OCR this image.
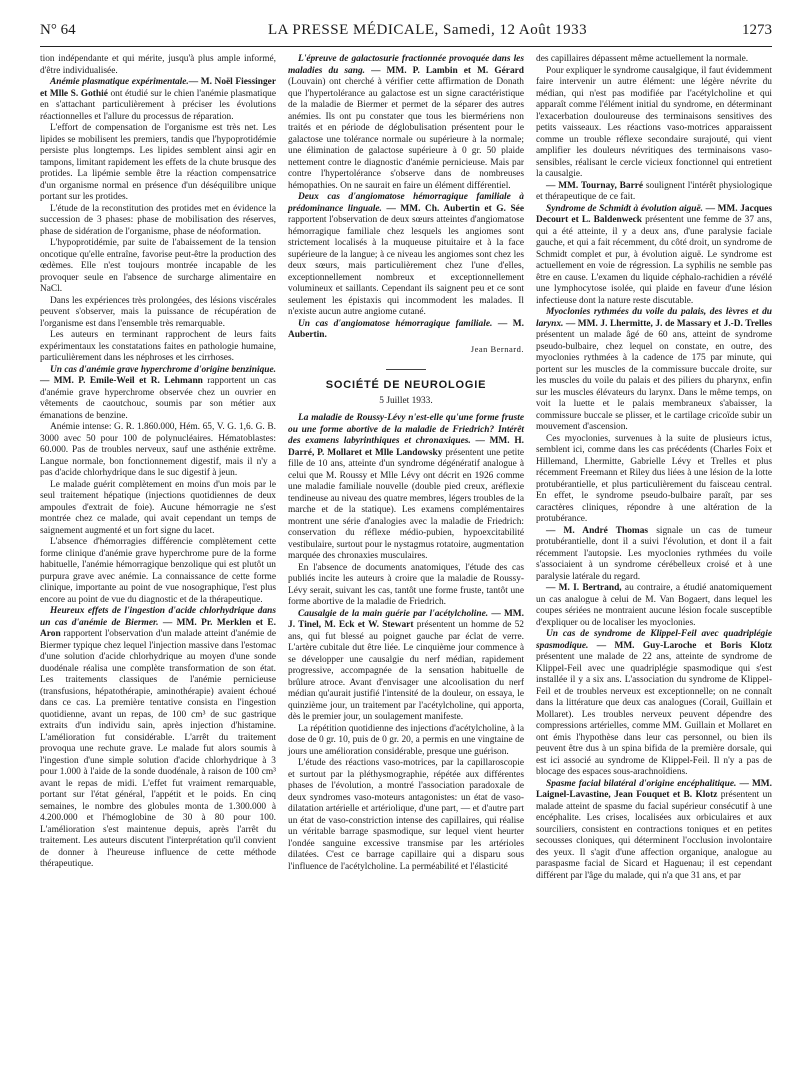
N° 64	LA PRESSE MÉDICALE, Samedi, 12 Août 1933	1273

tion indépendante et qui mérite, jusqu'à plus ample informé, d'être individualisée.

Anémie plasmatique expérimentale.— M. Noël Fiessinger et Mlle S. Gothié ont étudié sur le chien l'anémie plasmatique en s'attachant particulièrement à préciser les évolutions réactionnelles et l'allure du processus de réparation.

L'effort de compensation de l'organisme est très net. Les lipides se mobilisent les premiers, tandis que l'hypoprotidémie persiste plus longtemps. Les lipides semblent ainsi agir en tampons, limitant rapidement les effets de la chute brusque des protides. La lipémie semble être la réaction compensatrice d'un organisme normal en présence d'un déséquilibre unique portant sur les protides.

L'étude de la reconstitution des protides met en évidence la succession de 3 phases: phase de mobilisation des réserves, phase de sidération de l'organisme, phase de néoformation.

L'hypoprotidémie, par suite de l'abaissement de la tension oncotique qu'elle entraîne, favorise peut-être la production des œdèmes. Elle n'est toujours montrée incapable de les provoquer seule en l'absence de surcharge alimentaire en NaCl.

Dans les expériences très prolongées, des lésions viscérales peuvent s'observer, mais la puissance de récupération de l'organisme est dans l'ensemble très remarquable.

Les auteurs en terminant rapprochent de leurs faits expérimentaux les constatations faites en pathologie humaine, particulièrement dans les néphroses et les cirrhoses.

Un cas d'anémie grave hyperchrome d'origine benzinique. — MM. P. Emile-Weil et R. Lehmann rapportent un cas d'anémie grave hyperchrome observée chez un ouvrier en vêtements de caoutchouc, soumis par son métier aux émanations de benzine.

Anémie intense: G. R. 1.860.000, Hém. 65, V. G. 1,6. G. B. 3000 avec 50 pour 100 de polynucléaires. Hématoblastes: 60.000. Pas de troubles nerveux, sauf une asthénie extrême. Langue normale, bon fonctionnement digestif, mais il n'y a pas d'acide chlorhydrique dans le suc digestif à jeun.

Le malade guérit complètement en moins d'un mois par le seul traitement hépatique (injections quotidiennes de deux ampoules d'extrait de foie). Aucune hémorragie ne s'est montrée chez ce malade, qui avait cependant un temps de saignement augmenté et un fort signe du lacet.

L'absence d'hémorragies différencie complètement cette forme clinique d'anémie grave hyperchrome pure de la forme habituelle, l'anémie hémorragique benzolique qui est plutôt un purpura grave avec anémie. La connaissance de cette forme clinique, importante au point de vue nosographique, l'est plus encore au point de vue du diagnostic et de la thérapeutique.

Heureux effets de l'ingestion d'acide chlorhydrique dans un cas d'anémie de Biermer. — MM. Pr. Merklen et E. Aron rapportent l'observation d'un malade atteint d'anémie de Biermer typique chez lequel l'injection massive dans l'estomac d'une solution d'acide chlorhydrique au moyen d'une sonde duodénale réalisa une complète transformation de son état. Les traitements classiques de l'anémie pernicieuse (transfusions, hépatothérapie, aminothérapie) avaient échoué dans ce cas. La première tentative consista en l'ingestion quotidienne, avant un repas, de 100 cm³ de suc gastrique extraits d'un individu sain, après injection d'histamine. L'amélioration fut considérable. L'arrêt du traitement provoqua une rechute grave. Le malade fut alors soumis à l'ingestion d'une simple solution d'acide chlorhydrique à 3 pour 1.000 à l'aide de la sonde duodénale, à raison de 100 cm³ avant le repas de midi. L'effet fut vraiment remarquable, portant sur l'état général, l'appétit et le poids. En cinq semaines, le nombre des globules monta de 1.300.000 à 4.200.000 et l'hémoglobine de 30 à 80 pour 100. L'amélioration s'est maintenue depuis, après l'arrêt du traitement. Les auteurs discutent l'interprétation qu'il convient de donner à l'heureuse influence de cette méthode thérapeutique.

L'épreuve de galactosurie fractionnée provoquée dans les maladies du sang. — MM. P. Lambin et M. Gérard (Louvain) ont cherché à vérifier cette affirmation de Donath que l'hypertolérance au galactose est un signe caractéristique de la maladie de Biermer et permet de la séparer des autres anémies. Ils ont pu constater que tous les biermériens non traités et en période de déglobulisation présentent pour le galactose une tolérance normale ou supérieure à la normale; une élimination de galactose supérieure à 0 gr. 50 plaide nettement contre le diagnostic d'anémie pernicieuse. Mais par contre l'hypertolérance s'observe dans de nombreuses hémopathies. On ne saurait en faire un élément différentiel.

Deux cas d'angiomatose hémorragique familiale à prédominance linguale. — MM. Ch. Aubertin et G. Sée rapportent l'observation de deux sœurs atteintes d'angiomatose hémorragique familiale chez lesquels les angiomes sont strictement localisés à la muqueuse pituitaire et à la face supérieure de la langue; à ce niveau les angiomes sont chez les deux sœurs, mais particulièrement chez l'une d'elles, exceptionnellement nombreux et exceptionnellement volumineux et saillants. Cependant ils saignent peu et ce sont seulement les épistaxis qui incommodent les malades. Il n'existe aucun autre angiome cutané.

Un cas d'angiomatose hémorragique familiale. — M. Aubertin.

Jean Bernard.
SOCIÉTÉ DE NEUROLOGIE
5 Juillet 1933.

La maladie de Roussy-Lévy n'est-elle qu'une forme fruste ou une forme abortive de la maladie de Friedrich? Intérêt des examens labyrinthiques et chronaxiques. — MM. H. Darré, P. Mollaret et Mlle Landowsky présentent une petite fille de 10 ans, atteinte d'un syndrome dégénératif analogue à celui que M. Roussy et Mlle Lévy ont décrit en 1926 comme une maladie familiale nouvelle (double pied creux, aréflexie tendineuse au niveau des quatre membres, légers troubles de la marche et de la statique). Les examens complémentaires montrent une série d'analogies avec la maladie de Friedrich: conservation du réflexe médio-pubien, hypoexcitabilité vestibulaire, surtout pour le nystagmus rotatoire, augmentation marquée des chronaxies musculaires.

En l'absence de documents anatomiques, l'étude des cas publiés incite les auteurs à croire que la maladie de Roussy-Lévy serait, suivant les cas, tantôt une forme fruste, tantôt une forme abortive de la maladie de Friedrich.

Causalgie de la main guérie par l'acétylcholine. — MM. J. Tinel, M. Eck et W. Stewart présentent un homme de 52 ans, qui fut blessé au poignet gauche par éclat de verre. L'artère cubitale dut être liée. Le cinquième jour commence à se développer une causalgie du nerf médian, rapidement progressive, accompagnée de la sensation habituelle de brûlure atroce. Avant d'envisager une alcoolisation du nerf médian qu'aurait justifié l'intensité de la douleur, on essaya, le quinzième jour, un traitement par l'acétylcholine, qui apporta, dès le premier jour, un soulagement manifeste.

La répétition quotidienne des injections d'acétylcholine, à la dose de 0 gr. 10, puis de 0 gr. 20, a permis en une vingtaine de jours une amélioration considérable, presque une guérison.

L'étude des réactions vaso-motrices, par la capillaroscopie et surtout par la pléthysmographie, répétée aux différentes phases de l'évolution, a montré l'association paradoxale de deux syndromes vaso-moteurs antagonistes: un état de vaso-dilatation artérielle et artériolique, d'une part, — et d'autre part un état de vaso-constriction intense des capillaires, qui réalise un véritable barrage spasmodique, sur lequel vient heurter l'ondée sanguine excessive transmise par les artérioles dilatées. C'est ce barrage capillaire qui a disparu sous l'influence de l'acétylcholine. La perméabilité et l'élasticité

des capillaires dépassent même actuellement la normale.

Pour expliquer le syndrome causalgique, il faut évidemment faire intervenir un autre élément: une légère névrite du médian, qui n'est pas modifiée par l'acétylcholine et qui apparaît comme l'élément initial du syndrome, en déterminant l'exacerbation douloureuse des terminaisons sensitives des petits vaisseaux. Les réactions vaso-motrices apparaissent comme un trouble réflexe secondaire surajouté, qui vient amplifier les douleurs névritiques des terminaisons vaso-sensibles, réalisant le cercle vicieux fonctionnel qui entretient la causalgie.

— MM. Tournay, Barré soulignent l'intérêt physiologique et thérapeutique de ce fait.

Syndrome de Schmidt à évolution aiguë. — MM. Jacques Decourt et L. Baldenweck présentent une femme de 37 ans, qui a été atteinte, il y a deux ans, d'une paralysie faciale gauche, et qui a fait récemment, du côté droit, un syndrome de Schmidt complet et pur, à évolution aiguë. Le syndrome est actuellement en voie de régression. La syphilis ne semble pas être en cause. L'examen du liquide céphalo-rachidien a révélé une lymphocytose isolée, qui plaide en faveur d'une lésion infectieuse dont la nature reste discutable.

Myoclonies rythmées du voile du palais, des lèvres et du larynx. — MM. J. Lhermitte, J. de Massary et J.-D. Trelles présentent un malade âgé de 60 ans, atteint de syndrome pseudo-bulbaire, chez lequel on constate, en outre, des myoclonies rythmées à la cadence de 175 par minute, qui portent sur les muscles de la commissure buccale droite, sur les muscles du voile du palais et des piliers du pharynx, enfin sur les muscles élévateurs du larynx. Dans le même temps, on voit la luette et le palais membraneux s'abaisser, la commissure buccale se plisser, et le cartilage cricoïde subir un mouvement d'ascension.

Ces myoclonies, survenues à la suite de plusieurs ictus, semblent ici, comme dans les cas précédents (Charles Foix et Hillemand, Lhermitte, Gabrielle Lévy et Trelles et plus récemment Freemann et Riley dus liées à une lésion de la lotte protubérantielle, et plus particulièrement du faisceau central. En effet, le syndrome pseudo-bulbaire paraît, par ses caractères cliniques, répondre à une altération de la protubérance.

— M. André Thomas signale un cas de tumeur protubérantielle, dont il a suivi l'évolution, et dont il a fait récemment l'autopsie. Les myoclonies rythmées du voile s'associaient à un syndrome cérébelleux croisé et à une paralysie latérale du regard.

— M. I. Bertrand, au contraire, a étudié anatomiquement un cas analogue à celui de M. Van Bogaert, dans lequel les coupes sériées ne montraient aucune lésion focale susceptible d'expliquer ou de localiser les myoclonies.

Un cas de syndrome de Klippel-Feil avec quadriplégie spasmodique. — MM. Guy-Laroche et Boris Klotz présentent une malade de 22 ans, atteinte de syndrome de Klippel-Feil avec une quadriplégie spasmodique qui s'est installée il y a six ans. L'association du syndrome de Klippel-Feil et de troubles nerveux est exceptionnelle; on ne connaît dans la littérature que deux cas analogues (Corail, Guillain et Mollaret). Les troubles nerveux peuvent dépendre des compressions artérielles, comme MM. Guillain et Mollaret en ont émis l'hypothèse dans leur cas personnel, ou bien ils peuvent être dus à un spina bifida de la première dorsale, qui est ici associé au syndrome de Klippel-Feil. Il n'y a pas de blocage des espaces sous-arachnoïdiens.

Spasme facial bilatéral d'origine encéphalitique. — MM. Laignel-Lavastine, Jean Fouquet et B. Klotz présentent un malade atteint de spasme du facial supérieur consécutif à une encéphalite. Les crises, localisées aux orbiculaires et aux sourciliers, consistent en contractions toniques et en petites secousses cloniques, qui déterminent l'occlusion involontaire des yeux. Il s'agit d'une affection organique, analogue au paraspasme facial de Sicard et Haguenau; il est cependant différent par l'âge du malade, qui n'a que 31 ans, et par
